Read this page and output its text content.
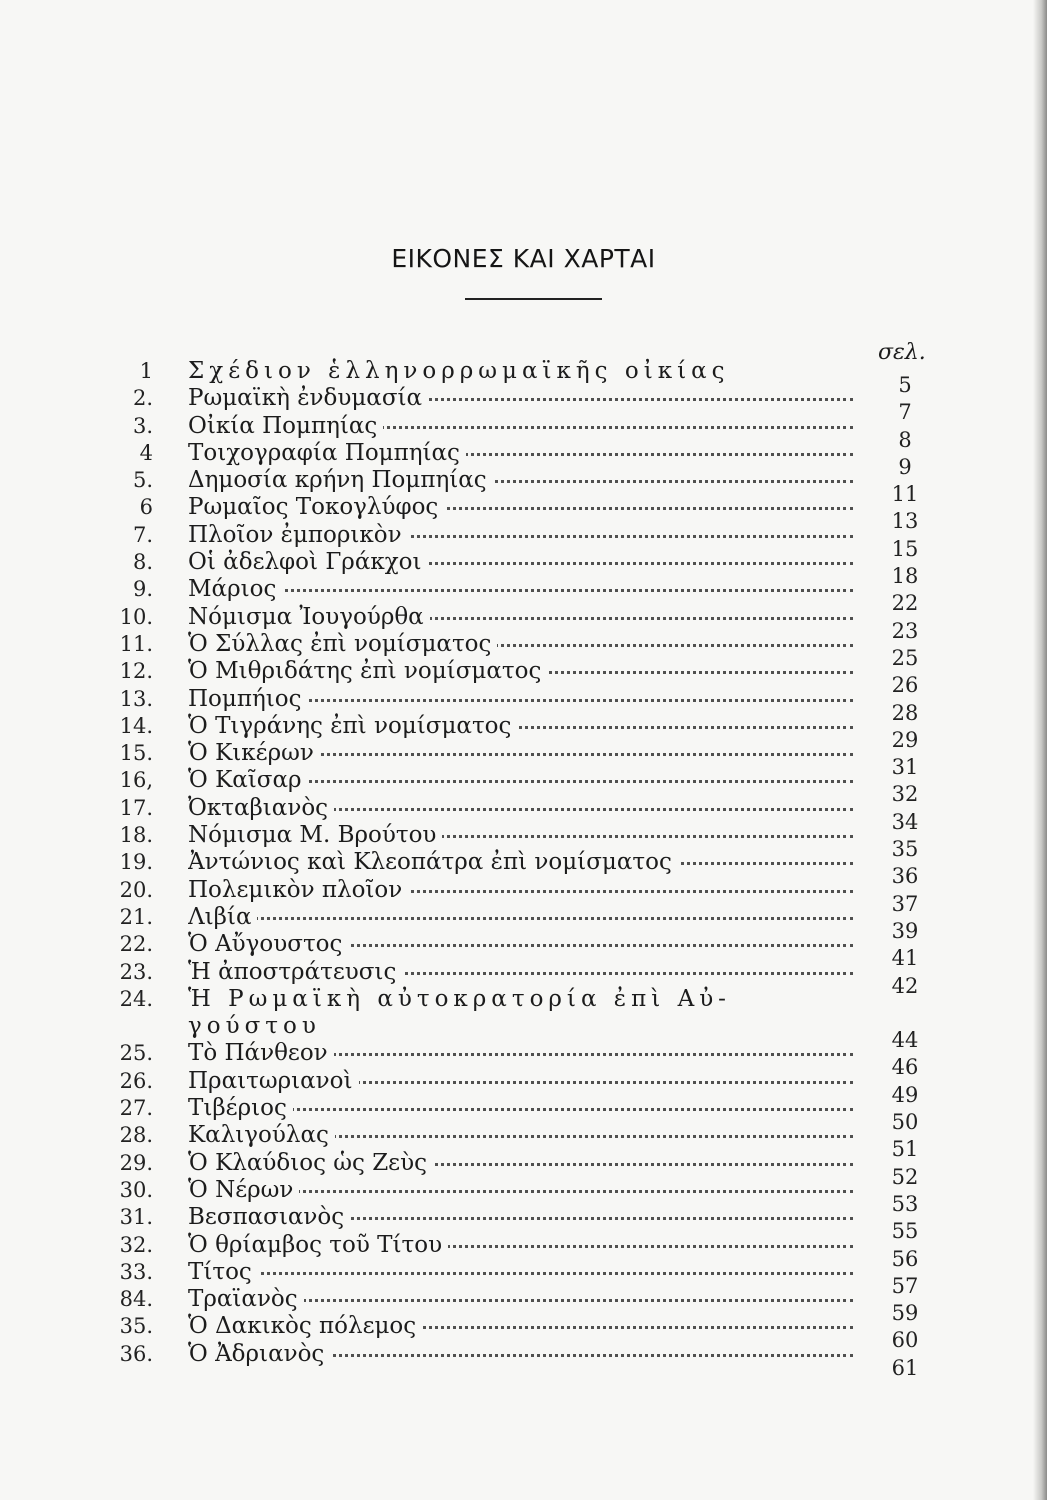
ΕΙΚΟΝΕΣ ΚΑΙ ΧΑΡΤΑΙ
σελ.
1 Σχέδιον ἑλληνορρωμαϊκῆς οἰκίας
5
2. Ρωμαϊκὴ ἐνδυμασία
7
3. Οἰκία Πομπηίας
8
4 Τοιχογραφία Πομπηίας
9
5. Δημοσία κρήνη Πομπηίας
11
6 Ρωμαῖος Τοκογλύφος
13
7. Πλοῖον ἐμπορικὸν
15
8. Οἱ ἀδελφοὶ Γράκχοι
18
9. Μάριος
22
10. Νόμισμα Ἰουγούρθα
23
11. Ὁ Σύλλας ἐπὶ νομίσματος
25
12. Ὁ Μιθριδάτης ἐπὶ νομίσματος
26
13. Πομπήιος
28
14. Ὁ Τιγράνης ἐπὶ νομίσματος
29
15. Ὁ Κικέρων
31
16, Ὁ Καῖσαρ
32
17. Ὀκταβιανὸς
34
18. Νόμισμα Μ. Βρούτου
35
19. Ἀντώνιος καὶ Κλεοπάτρα ἐπὶ νομίσματος
36
20. Πολεμικὸν πλοῖον
37
21. Λιβία
39
22. Ὁ Αὔγουστος
41
23. Ἡ ἀποστράτευσις
42
24. Ἡ Ρωμαϊκὴ αὐτοκρατορία ἐπὶ Αὐ-
γούστου
44
25. Τὸ Πάνθεον
46
26. Πραιτωριανοὶ
49
27. Τιβέριος
50
28. Καλιγούλας
51
29. Ὁ Κλαύδιος ὡς Ζεὺς
52
30. Ὁ Νέρων
53
31. Βεσπασιανὸς
55
32. Ὁ θρίαμβος τοῦ Τίτου
56
33. Τίτος
57
84. Τραϊανὸς
59
35. Ὁ Δακικὸς πόλεμος
60
36. Ὁ Ἀδριανὸς
61
